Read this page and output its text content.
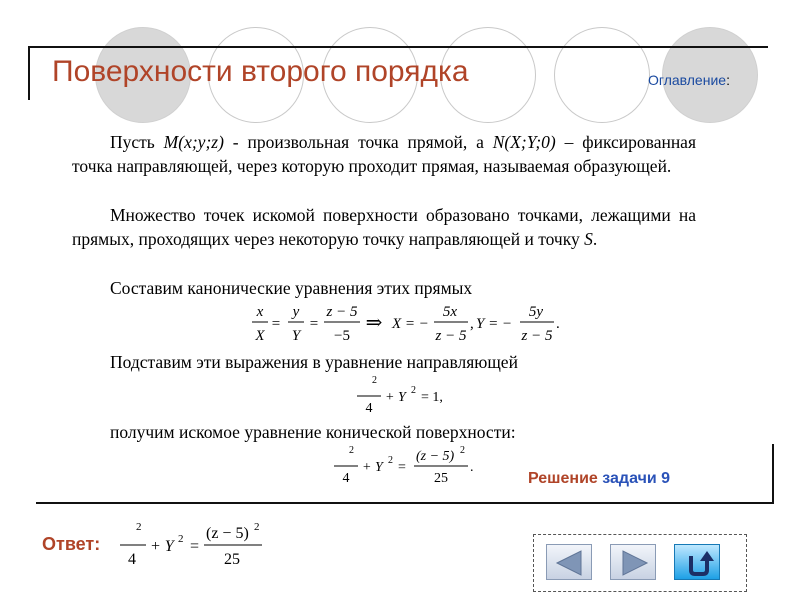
Поверхности второго порядка	Оглавление:
Пусть M(x;y;z) - произвольная точка прямой, а N(X;Y;0) – фиксированная точка направляющей, через которую проходит прямая, называемая образующей.
Множество точек искомой поверхности образовано точками, лежащими на прямых, проходящих через некоторую точку направляющей и точку S.
Составим канонические уравнения этих прямых
x
X
=
y
Y
=
z − 5
−5
⇒ X = −
5x
z − 5
, Y = −
5y
z − 5
.
Подставим эти выражения в уравнение направляющей
2
4
+ Y 2 = 1,
получим искомое уравнение конической поверхности:
2
4
+ Y 2 =
(z − 5) 2
25
.
Решение задачи 9
Ответ:
2
4
+ Y 2 =
(z − 5) 2
25
